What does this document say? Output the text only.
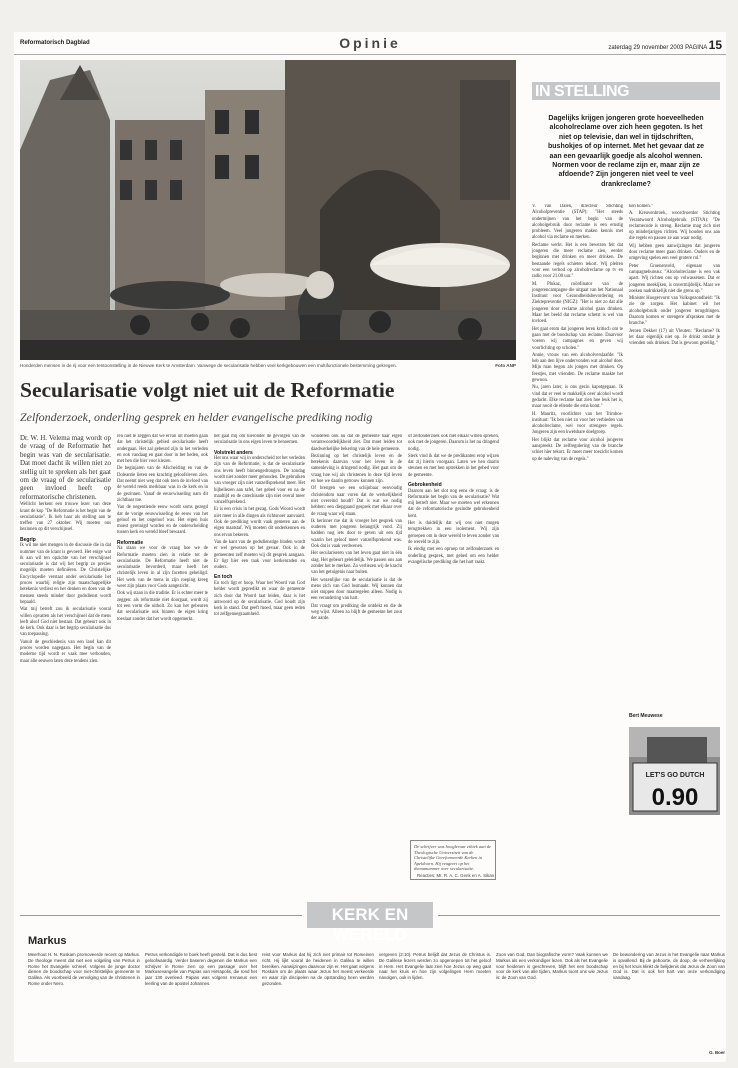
Reformatorisch Dagblad	Opinie	zaterdag 29 november 2003 PAGINA 15
Honderden mensen in de rij voor een tentoonstelling in de Nieuwe Kerk te Amsterdam. Vanwege de secularisatie hebben veel kerkgebouwen een multifunctionele bestemming gekregen.	Foto ANP
Secularisatie volgt niet uit de Reformatie
Zelfonderzoek, onderling gesprek en helder evangelische prediking nodig

Dr. W. H. Velema mag wordt op de vraag of de Reformatie het begin was van de secularisatie. Dat moet dacht ik willen niet zo stellig uit te spreken als het gaat om de vraag of de secularisatie geen invloed heeft op reformatorische christenen.

Wellicht herkent een trouwe lezer van deze krant de kop "De Reformatie is het begin van de secularisatie". Ik heb haar als stelling aan te treffen van 27 oktober. Wij moeten ons bezinnen op dit verschijnsel.

Begrip

Ik wil me niet mengen in de discussie die in dat nummer van de krant is gevoerd. Het enige wat ik aan wil ten opzichte van het verschijnsel secularisatie is dat wij het begrip zo precies mogelijk moeten definiëren. De Christelijke Encyclopedie verstaat onder secularisatie het proces waarbij religie zijn maatschappelijke betekenis verliest en het denken en doen van de mensen steeds minder door godsdienst wordt bepaald.

Wat mij betreft zou ik secularisatie vooral willen opvatten als het verschijnsel dat de mens leeft alsof God niet bestaat. Dat gebeurt ook in de kerk. Ook daar is het begrip secularisatie dus van toepassing.

Vanuit de geschiedenis van een land kan dit proces worden nagegaan. Het begin van de moderne tijd wordt er vaak mee verbonden, maar alle eeuwen laten deze tendens zien.

ren niet te zeggen dat we ervan uit moeten gaan dat het christelijk gebied secularisatie heeft ondergaan. Het zal gebeurd zijn in het verleden en ook vandaag en gaat door in het heden, ook met hen die hier voor kiezen.

De beginjaren van de Afscheiding en van de Doleantie lieten een krachtig geloofsleven zien. Dat neemt niet weg dat ook toen de invloed van de wereld reeds merkbaar was in de kerk en in de gezinnen. Vanaf de eeuwwisseling nam dit zichtbaar toe.

Van de negentiende eeuw wordt soms gezegd dat de vorige eeuwwisseling de eeuw van het geloof en het ongeloof was. Het eigen huis moest gereinigd worden en de onderscheiding tussen kerk en wereld bleef bewaard.

Reformatie

Na staan we voor de vraag hoe we de Reformatie moeten zien in relatie tot de secularisatie. De Reformatie heeft niet de secularisatie bevorderd, maar heeft het christelijk leven in al zijn facetten geheiligd. Het werk van de mens in zijn roeping kreeg weer zijn plaats voor Gods aangezicht.

Ook wij staan in die traditie. Er is echter meer te zeggen: als reformatie niet doorgaat, wordt zij tot een vorm die uitholt. Zo kan het gebeuren dat secularisatie ook binnen de eigen kring toeslaat zonder dat het wordt opgemerkt.

het gaat mij om hieronder de gevolgen van de secularisatie in ons eigen leven te benoemen.

Volstrekt anders

Het ons waar wij in onderscheid tot het verleden zijn van de Reformatie, is dat de secularisatie ons leven heeft binnengedrongen. De zondag wordt niet zonder meer gehouden. De gebruiken van vroeger zijn niet vanzelfsprekend meer. Het bijbellezen aan tafel, het gebed voor en na de maaltijd en de catechisatie zijn niet overal meer vanzelfsprekend.

Er is een crisis in het gezag. Gods Woord wordt niet meer in alle dingen als richtsnoer aanvaard. Ook de prediking wordt vaak gemeten aan de eigen maatstaf. Wij moeten dit onderkennen en ons ervan bekeren.

Van de kant van de godsdienstige bladen wordt er wel gewezen op het gevaar. Ook in de gemeenten zelf moeten wij dit gesprek aangaan. Er ligt hier een taak voor kerkenraden en ouders.

En toch

En toch ligt er hoop. Waar het Woord van God helder wordt gepredikt en waar de gemeente zich door dat Woord laat leiden, daar is het antwoord op de secularisatie. God houdt zijn kerk in stand. Dat geeft moed, maar geen reden tot zelfgenoegzaamheid.

wonderen ook nu dat de gemeente haar eigen verantwoordelijkheid ziet. Dat moet leiden tot daadwerkelijke bekering van de hele gemeente.

Bezinning op het christelijk leven en de betekenis daarvan voor het leven in de samenleving is dringend nodig. Het gaat om de vraag hoe wij als christenen in deze tijd leven en hoe we daarin getrouw kunnen zijn.

Of brengen we een schijnbaar eenvoudig christendom naar voren dat de werkelijkheid niet overeind houdt? Dat is wat we nodig hebben: een diepgaand gesprek met elkaar over de vraag waar wij staan.

Ik herinner me dat ik vroeger het gesprek van ouderen met jongeren belangrijk vond. Zij hadden nog iets door te geven uit een tijd waarin het geloof meer vanzelfsprekend was. Ook dat is vaak verdwenen.

Het seculariseren van het leven gaat niet in één slag. Het gebeurt geleidelijk. We passen ons aan zonder het te merken. Zo verliezen wij de kracht van het getuigenis naar buiten.

Het wezenlijke van de secularisatie is dat de mens zich van God losmaakt. Wij kunnen dat niet stoppen door maatregelen alleen. Nodig is een verandering van hart.

Dat vraagt om prediking die ontdekt en die de weg wijst. Alleen zo blijft de gemeente het zout der aarde.

of zelfonderzoek ook met elkaar willen spreken, ook met de jongeren. Daarom is het nu dringend nodig.

Sterk vind ik dat we de predikanten erop wijzen dat zij hierin voorgaan. Laten we hen daarin steunen en met hen optrekken in het gebed voor de gemeente.

Gebrokenheid

Daarom aan het slot nog eens de vraag: is de Reformatie het begin van de secularisatie? Wat mij betreft niet. Maar we moeten wel erkennen dat de reformatorische gezindte gebrokenheid kent.

Het is duidelijk dat wij ons niet mogen terugtrekken in een isolement. Wij zijn geroepen om in deze wereld te leven zonder van de wereld te zijn.

Ik eindig met een oproep tot zelfonderzoek en onderling gesprek, met gebed om een helder evangelische prediking die het hart raakt.

De schrijver was hoogleraar ethiek aan de Theologische Universiteit van de Christelijke Gereformeerde Kerken in Apeldoorn. Hij reageert op het themanummer over secularisatie.
Reacties: Mr. R. A. C. Genk en A. Sikan
IN STELLING
Dagelijks krijgen jongeren grote hoeveelheden alcoholreclame over zich heen gegoten. Is het niet op televisie, dan wel in tijdschriften, bushokjes of op internet. Met het gevaar dat ze aan een gevaarlijk goedje als alcohol wennen. Normen voor de reclame zijn er, maar zijn ze afdoende? Zijn jongeren niet veel te veel drankreclame?

V. van Dalen, directeur Stichting Alcoholpreventie (STAP): "Het steeds ondermijnen van het begin van de alcoholgebruik door reclame is een ernstig probleem. Veel jongeren maken kennis met alcohol via reclame en merken.

Reclame werkt. Het is een bewezen feit dat jongeren die meer reclame zien, eerder beginnen met drinken en meer drinken. De bestaande regels schieten tekort. Wij pleiten voor een verbod op alcoholreclame op tv en radio voor 21.00 uur."

M. Plukaz, coördinator van de jongerencampagne die uitgaat van het Nationaal Instituut voor Gezondheidsbevordering en Ziektepreventie (NIGZ): "Het is niet zo dat alle jongeren door reclame alcohol gaan drinken. Maar het beeld dat reclame schetst is wel van invloed.

Het gaat erom dat jongeren leren kritisch om te gaan met de boodschap van reclame. Daarvoor voeren wij campagnes en geven wij voorlichting op scholen."

Annie, vrouw van een alcoholverslaafde: "Ik heb aan den lijve ondervonden wat alcohol doet. Mijn man begon als jongen met drinken. Op feestjes, met vrienden. De reclame maakte het gewoon.

Nu, jaren later, is ons gezin kapotgegaan. Ik vind dat er veel te makkelijk over alcohol wordt gedacht. Elke reclame laat zien hoe leuk het is, maar nooit de ellende die erna komt."

H. Mauritz, voorlichter van het Trimbos-instituut: "Ik ben niet zo voor het verbieden van alcoholreclame, wel voor strengere regels. Jongeren zijn een kwetsbare doelgroep.

Het blijkt dat reclame voor alcohol jongeren aanspreekt. De zelfregulering van de branche schiet hier tekort. Er moet meer toezicht komen op de naleving van de regels."

ken komen."

A. Kreuvenbroek, woordvoerder Stichting Verantwoord Alcoholgebruik (STIVA): "De reclamecode is streng. Reclame mag zich niet op minderjarigen richten. Wij houden ons aan die regels en passen ze aan waar nodig.

Wij hebben geen aanwijzingen dat jongeren door reclame meer gaan drinken. Ouders en de omgeving spelen een veel grotere rol."

Peter Groenenveld, eigenaar van campagnebureau: "Alcoholreclame is een vak apart. Wij richten ons op volwassenen. Dat er jongeren meekijken, is onvermijdelijk. Maar we zoeken nadrukkelijk niet die grens op."

Minister Hoogervorst van Volksgezondheid: "Ik zie de zorgen. Het kabinet wil het alcoholgebruik onder jongeren terugdringen. Daarom komen er strengere afspraken met de branche."

Jeroen Dekker (17) uit Vleuten: "Reclame? Ik let daar eigenlijk niet op. Je drinkt omdat je vrienden ook drinken. Dat is gewoon gezellig."

Bert Meuwese
LET'S GO DUTCH
0.90
KERK EN WERELD
Markus

Meerhout H. N. Roskam promoveerde recent op Markus. De theologe meent dat niet een volgeling van Petrus in Rome het Evangelie schreef. Volgens de jonge doctor dienen de boodschap voor niet-christelijke gemeente te Galilea. Als voorbeeld de vervolging van de christenen in Rome onder Nero.

Petrus verkondigde te boek heeft gesteld. Dat is dus best geloofwaardig. Verder baseren degenen die Markus een schrijver in Rome zien op een passage over het Markusevangelie van Papias van Hiërapolis, die rond het jaar 130 overleed. Papias was volgens Irenaeus een leerling van de apostel Johannes.

reist voor Markus dat hij zich niet primair tot Romeinen richt. Hij lijkt vooral de heidenen in Galilea te willen bereiken. Aanwijzingen daarvoor zijn er. Het gaat volgens Roskam om de plaats waar Jezus het meest verkeerde en waar zijn discipelen na de opstanding heen werden gezonden.

vergeven (2:10). Petrus belijdt dat Jezus de Christus is. De Galilese lezers werden zo opgeroepen tot het geloof in Hem. Het Evangelie laat zien hoe Jezus op weg gaat naar het kruis en hoe zijn volgelingen Hem moeten navolgen, ook in lijden.

Zoon van God. Dan biografische vorm? Vaak kunnen we Markus als een verkondiger lezen. Ook als het Evangelie voor heidenen is geschreven, blijft het een boodschap voor de kerk van alle tijden. Markus toont ons wie Jezus is: de Zoon van God.

De bewondering van Jezus in het Evangelie naar Markus is opvallend. Bij de geboorte, de doop, de verheerlijking en bij het kruis klinkt de belijdenis dat Jezus de Zoon van God is. Dat is ook het hart van onze verkondiging vandaag.

G. Boer
